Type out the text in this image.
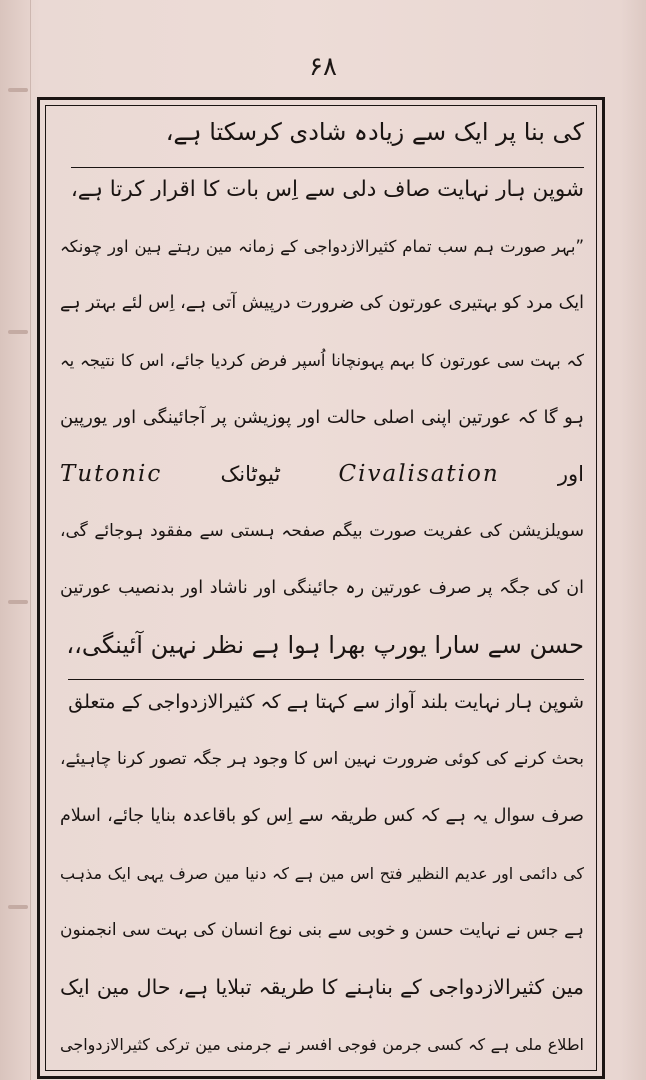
۶۸
کی بنا پر ایک سے زیادہ شادی کرسکتا ہے،
شوپن ہار نہایت صاف دلی سے اِس بات کا اقرار کرتا ہے،
”بہر صورت ہم سب تمام کثیرالازدواجی کے زمانہ مین رہتے ہین اور چونکہ
ایک مرد کو بہتیری عورتون کی ضرورت درپیش آتی ہے، اِس لئے بہتر ہے
کہ بہت سی عورتون کا بہم پہونچانا اُسپر فرض کردیا جائے، اس کا نتیجہ یہ
ہو گا کہ عورتین اپنی اصلی حالت اور پوزیشن پر آجائینگی اور یورپین
Tutonic	ٹیوٹانک	Civalisation	اور
سویلزیشن کی عفریت صورت بیگم صفحہ ہستی سے مفقود ہوجائے گی،
ان کی جگہ پر صرف عورتین رہ جائینگی اور ناشاد اور بدنصیب عورتین
حسن سے سارا یورپ بھرا ہوا ہے نظر نہین آئینگی،،
شوپن ہار نہایت بلند آواز سے کہتا ہے کہ کثیرالازدواجی کے متعلق
بحث کرنے کی کوئی ضرورت نہین اس کا وجود ہر جگہ تصور کرنا چاہیئے،
صرف سوال یہ ہے کہ کس طریقہ سے اِس کو باقاعدہ بنایا جائے، اسلام
کی دائمی اور عدیم النظیر فتح اس مین ہے کہ دنیا مین صرف یہی ایک مذہب
ہے جس نے نہایت حسن و خوبی سے بنی نوع انسان کی بہت سی انجمنون
مین کثیرالازدواجی کے بناہنے کا طریقہ تبلایا ہے، حال مین ایک
اطلاع ملی ہے کہ کسی جرمن فوجی افسر نے جرمنی مین ترکی کثیرالازدواجی
